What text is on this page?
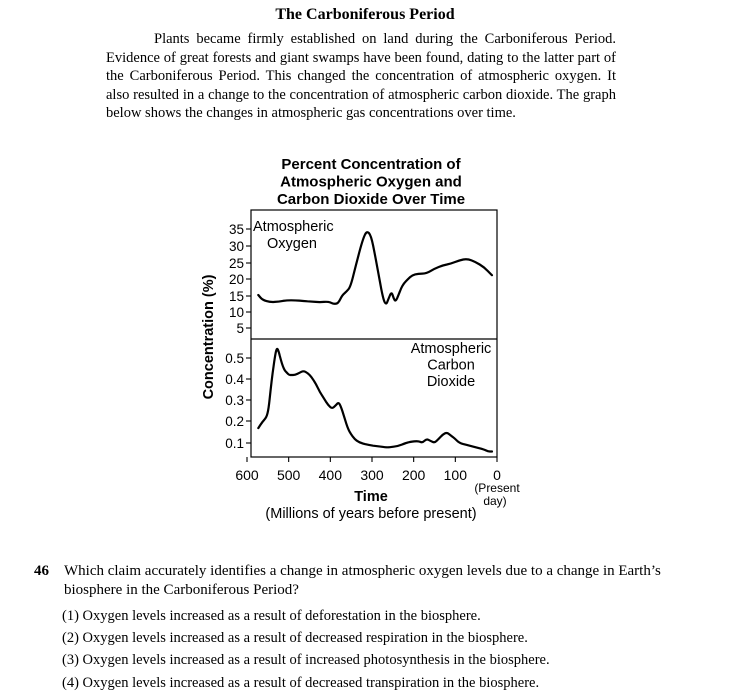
The Carboniferous Period

Plants became firmly established on land during the Carboniferous Period. Evidence of great forests and giant swamps have been found, dating to the latter part of the Carboniferous Period. This changed the concentration of atmospheric oxygen. It also resulted in a change to the concentration of atmospheric carbon dioxide. The graph below shows the changes in atmospheric gas concentrations over time.

Percent Concentration of
Atmospheric Oxygen and
Carbon Dioxide Over Time
35
30
25
20
15
10
5
0.5
0.4
0.3
0.2
0.1
Atmospheric
Oxygen
Atmospheric
Carbon
Dioxide
Concentration (%)
600 500 400 300 200 100 0
(Present
day)
Time
(Millions of years before present)
46 Which claim accurately identifies a change in atmospheric oxygen levels due to a change in Earth’s biosphere in the Carboniferous Period?
(1) Oxygen levels increased as a result of deforestation in the biosphere.
(2) Oxygen levels increased as a result of decreased respiration in the biosphere.
(3) Oxygen levels increased as a result of increased photosynthesis in the biosphere.
(4) Oxygen levels increased as a result of decreased transpiration in the biosphere.
